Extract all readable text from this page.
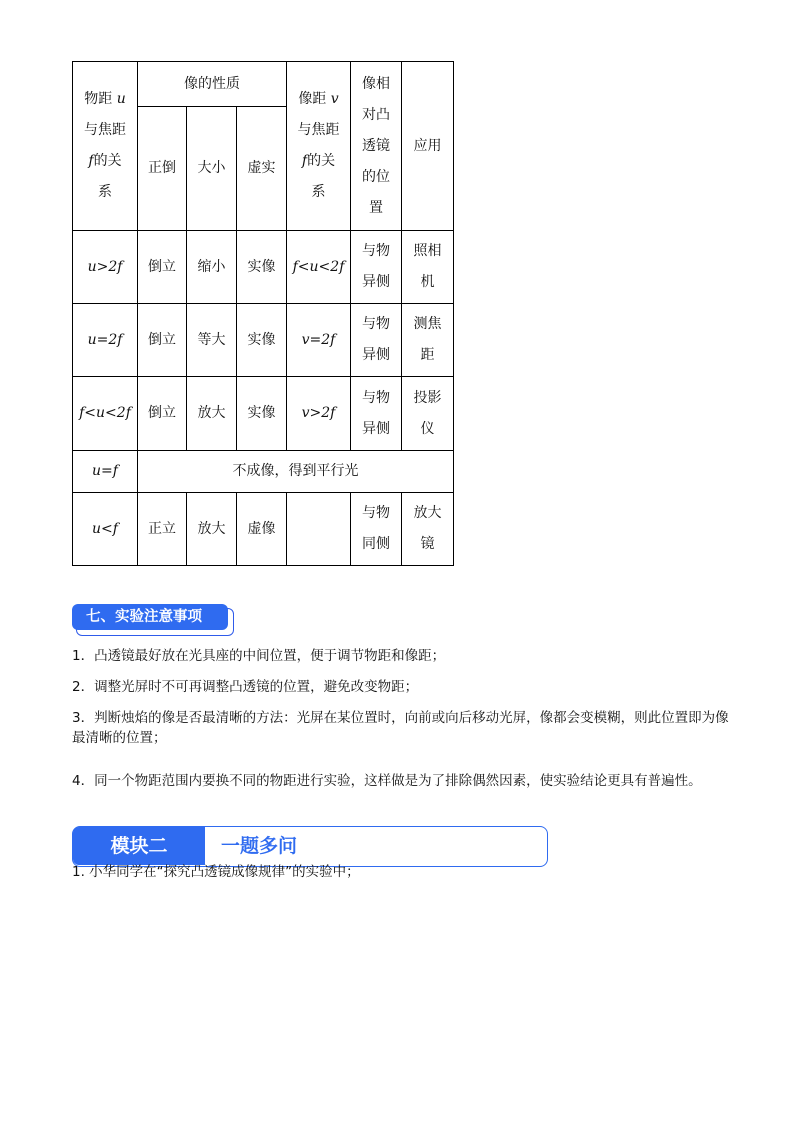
物距 u
与焦距
f的关
系	像的性质			像距 v
与焦距
f的关
系	像相
对凸
透镜
的位
置	应用
	正倒	大小	虚实			
u>2f	倒立	缩小	实像	f<u<2f	与物
异侧	照相
机
u=2f	倒立	等大	实像	v=2f	与物
异侧	测焦
距
f<u<2f	倒立	放大	实像	v>2f	与物
异侧	投影
仪
u=f	不成像，得到平行光					
u<f	正立	放大	虚像		与物
同侧	放大
镜
七、实验注意事项
1．凸透镜最好放在光具座的中间位置，便于调节物距和像距；
2．调整光屏时不可再调整凸透镜的位置，避免改变物距；
3．判断烛焰的像是否最清晰的方法：光屏在某位置时，向前或向后移动光屏，像都会变模糊，则此位置即为像最清晰的位置；
4．同一个物距范围内要换不同的物距进行实验，这样做是为了排除偶然因素，使实验结论更具有普遍性。
模块二	一题多问
1. 小华同学在“探究凸透镜成像规律”的实验中；
